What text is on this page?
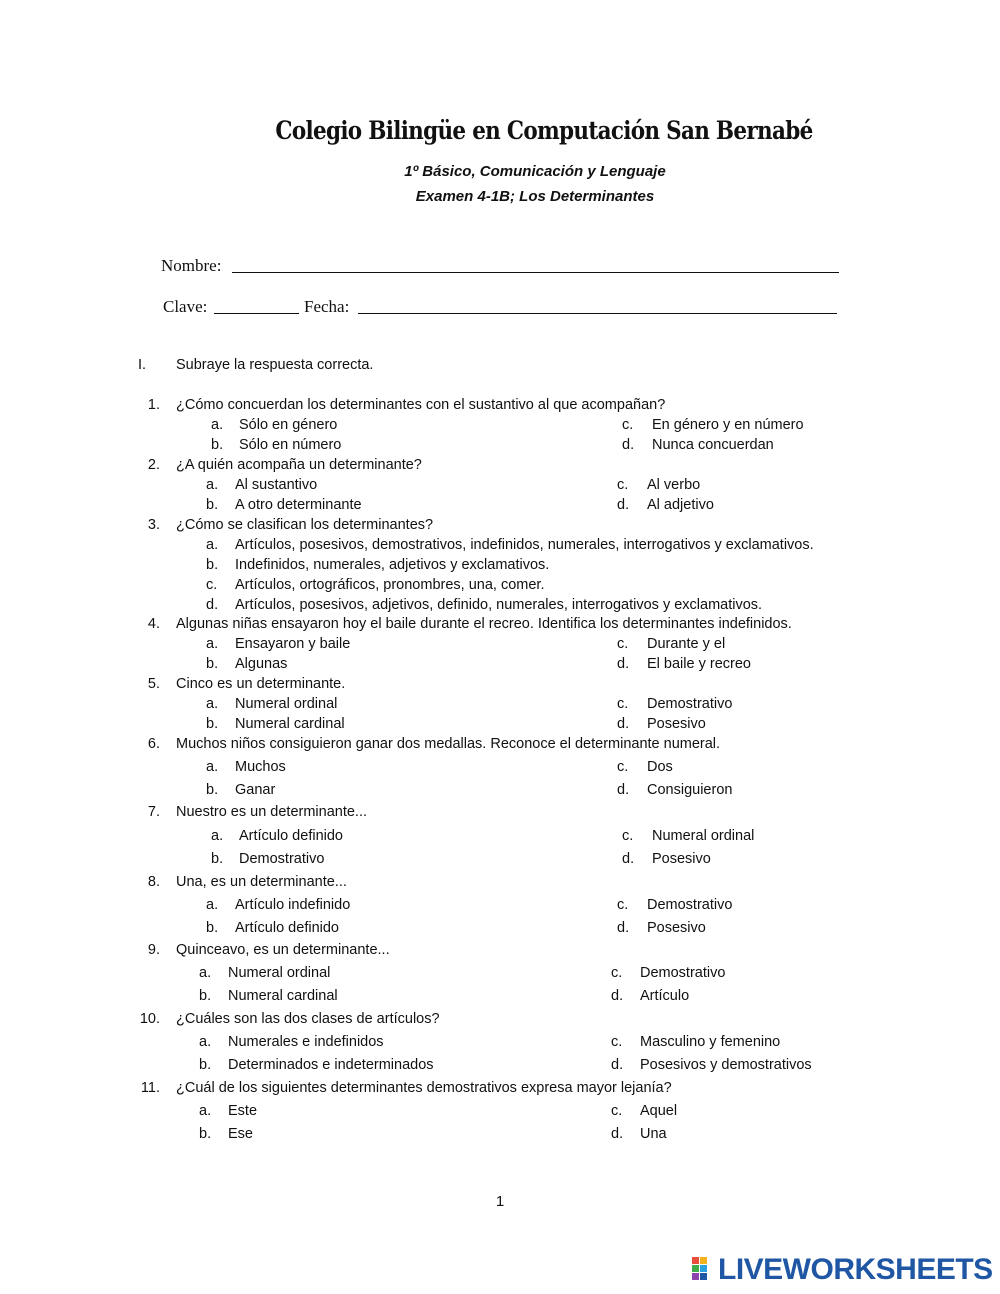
Colegio Bilingüe en Computación San Bernabé
1º Básico, Comunicación y Lenguaje
Examen 4-1B; Los Determinantes
Nombre:
Clave:	Fecha:
I. Subraye la respuesta correcta.
1. ¿Cómo concuerdan los determinantes con el sustantivo al que acompañan?
a. Sólo en género
b. Sólo en número
c. En género y en número
d. Nunca concuerdan
2. ¿A quién acompaña un determinante?
a. Al sustantivo
b. A otro determinante
c. Al verbo
d. Al adjetivo
3. ¿Cómo se clasifican los determinantes?
a. Artículos, posesivos, demostrativos, indefinidos, numerales, interrogativos y exclamativos.
b. Indefinidos, numerales, adjetivos y exclamativos.
c. Artículos, ortográficos, pronombres, una, comer.
d. Artículos, posesivos, adjetivos, definido, numerales, interrogativos y exclamativos.
4. Algunas niñas ensayaron hoy el baile durante el recreo. Identifica los determinantes indefinidos.
a. Ensayaron y baile
b. Algunas
c. Durante y el
d. El baile y recreo
5. Cinco es un determinante.
a. Numeral ordinal
b. Numeral cardinal
c. Demostrativo
d. Posesivo
6. Muchos niños consiguieron ganar dos medallas. Reconoce el determinante numeral.
a. Muchos
b. Ganar
c. Dos
d. Consiguieron
7. Nuestro es un determinante...
a. Artículo definido
b. Demostrativo
c. Numeral ordinal
d. Posesivo
8. Una, es un determinante...
a. Artículo indefinido
b. Artículo definido
c. Demostrativo
d. Posesivo
9. Quinceavo, es un determinante...
a. Numeral ordinal
b. Numeral cardinal
c. Demostrativo
d. Artículo
10. ¿Cuáles son las dos clases de artículos?
a. Numerales e indefinidos
b. Determinados e indeterminados
c. Masculino y femenino
d. Posesivos y demostrativos
11. ¿Cuál de los siguientes determinantes demostrativos expresa mayor lejanía?
a. Este
b. Ese
c. Aquel
d. Una
1
LIVEWORKSHEETS
